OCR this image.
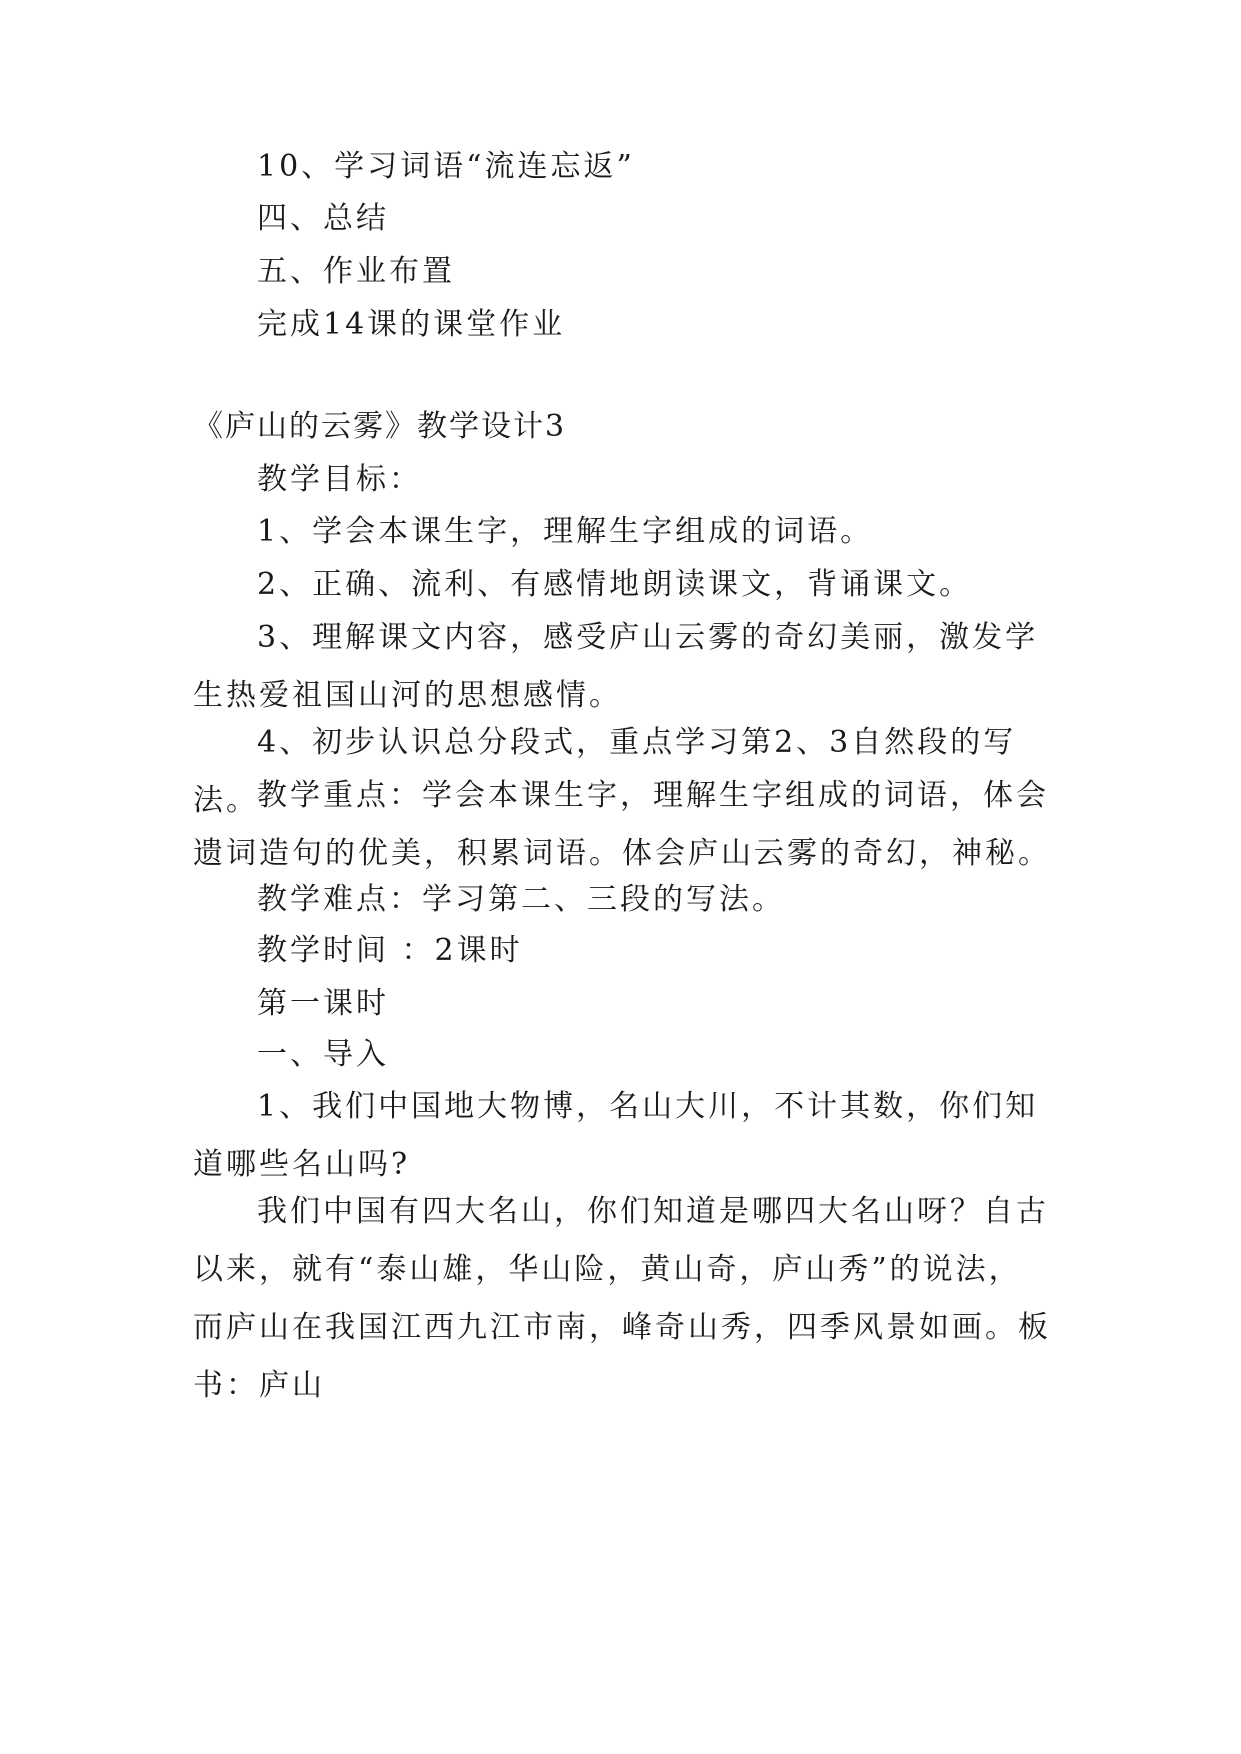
10、学习词语“流连忘返”

四、总结

五、作业布置

完成14课的课堂作业

《庐山的云雾》教学设计3

教学目标：

1、学会本课生字，理解生字组成的词语。

2、正确、流利、有感情地朗读课文，背诵课文。

3、理解课文内容，感受庐山云雾的奇幻美丽，激发学生热爱祖国山河的思想感情。

4、初步认识总分段式，重点学习第2、3自然段的写法。

教学重点：学会本课生字，理解生字组成的词语，体会遗词造句的优美，积累词语。体会庐山云雾的奇幻，神秘。

教学难点：学习第二、三段的写法。

教学时间 ：2课时

第一课时

一、导入

1、我们中国地大物博，名山大川，不计其数，你们知道哪些名山吗?

我们中国有四大名山，你们知道是哪四大名山呀？自古以来，就有“泰山雄，华山险，黄山奇，庐山秀”的说法，而庐山在我国江西九江市南，峰奇山秀，四季风景如画。板书：庐山
